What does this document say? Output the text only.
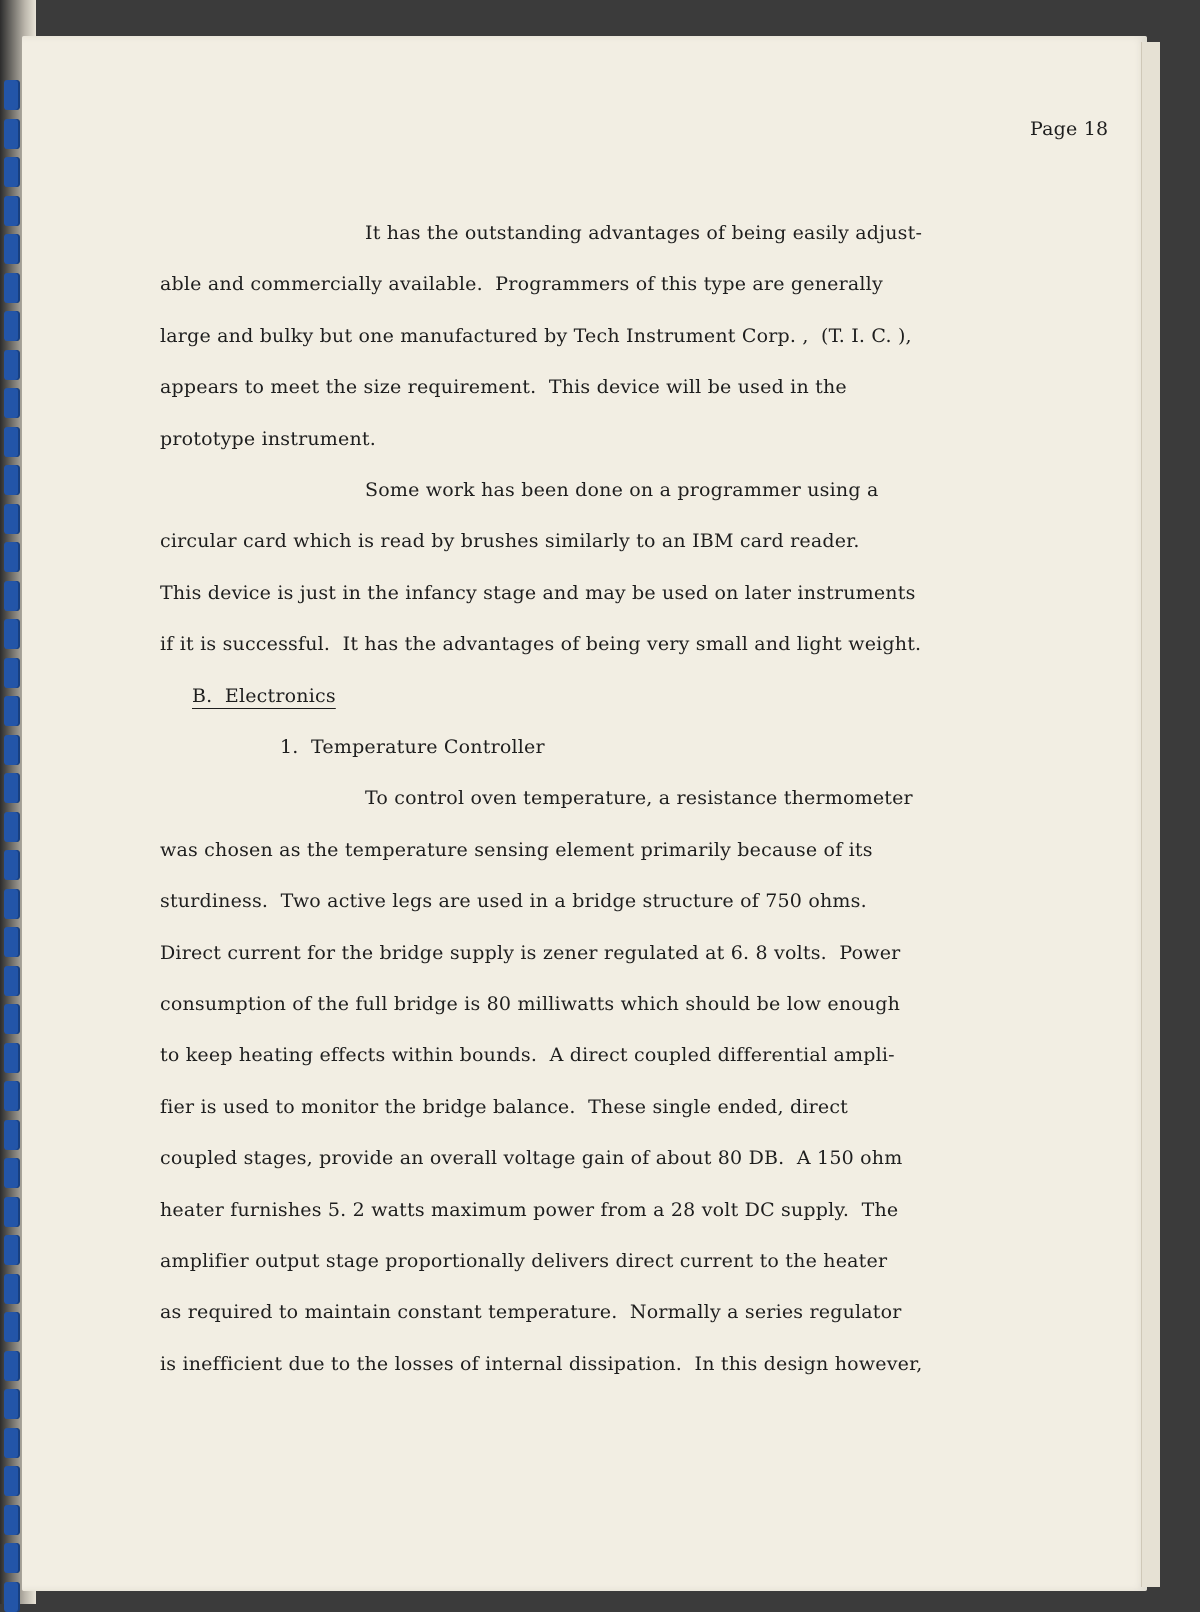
Page 18
It has the outstanding advantages of being easily adjust-
able and commercially available.  Programmers of this type are generally
large and bulky but one manufactured by Tech Instrument Corp. ,  (T. I. C. ),
appears to meet the size requirement.  This device will be used in the
prototype instrument.
Some work has been done on a programmer using a
circular card which is read by brushes similarly to an IBM card reader.
This device is just in the infancy stage and may be used on later instruments
if it is successful.  It has the advantages of being very small and light weight.
B.  Electronics
1.  Temperature Controller
To control oven temperature, a resistance thermometer
was chosen as the temperature sensing element primarily because of its
sturdiness.  Two active legs are used in a bridge structure of 750 ohms.
Direct current for the bridge supply is zener regulated at 6. 8 volts.  Power
consumption of the full bridge is 80 milliwatts which should be low enough
to keep heating effects within bounds.  A direct coupled differential ampli-
fier is used to monitor the bridge balance.  These single ended, direct
coupled stages, provide an overall voltage gain of about 80 DB.  A 150 ohm
heater furnishes 5. 2 watts maximum power from a 28 volt DC supply.  The
amplifier output stage proportionally delivers direct current to the heater
as required to maintain constant temperature.  Normally a series regulator
is inefficient due to the losses of internal dissipation.  In this design however,
